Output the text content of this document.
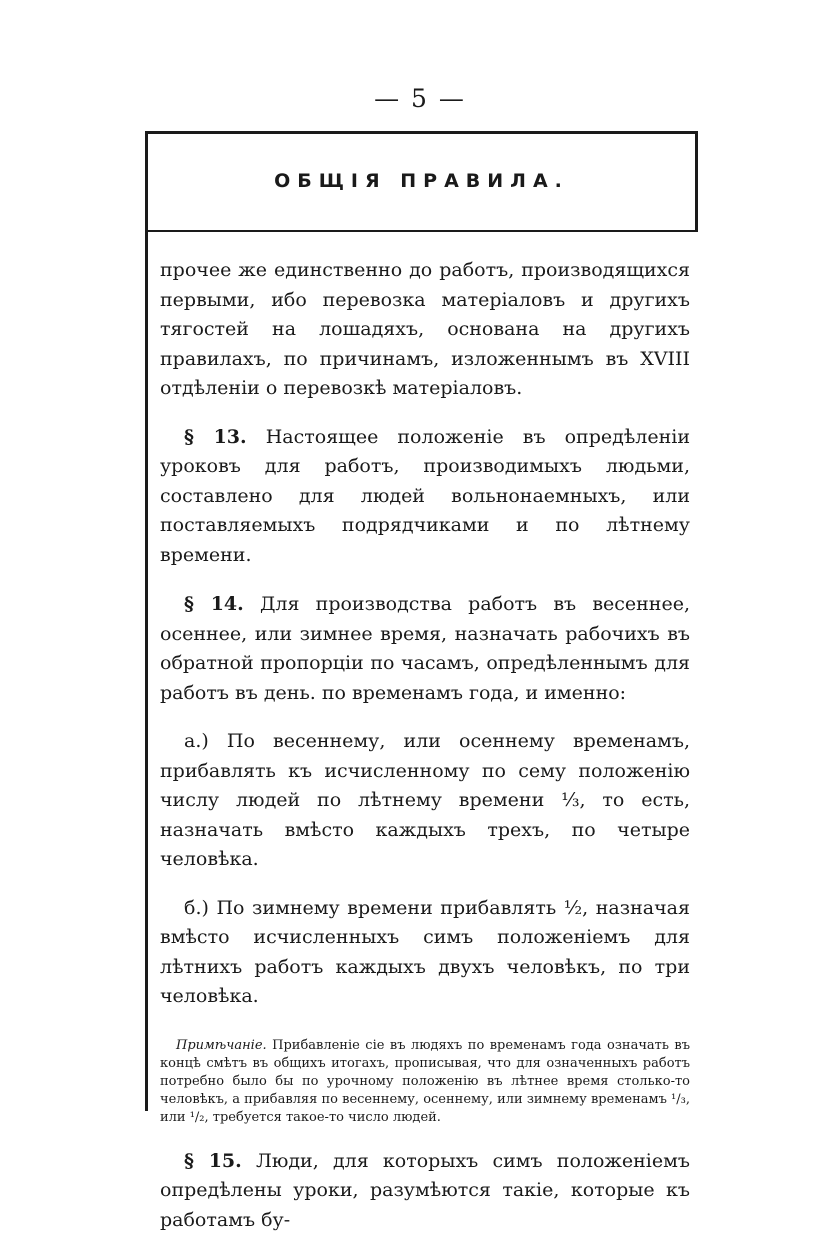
— 5 —
ОБЩІЯ ПРАВИЛА.

прочее же единственно до работъ, производящихся первыми, ибо перевозка матеріаловъ и другихъ тягостей на лошадяхъ, основана на другихъ правилахъ, по причинамъ, изложеннымъ въ XVIII отдѣленіи о перевозкѣ матеріаловъ.

§ 13. Настоящее положеніе въ опредѣленіи уроковъ для работъ, производимыхъ людьми, составлено для людей вольнонаемныхъ, или поставляемыхъ подрядчиками и по лѣтнему времени.

§ 14. Для производства работъ въ весеннее, осеннее, или зимнее время, назначать рабочихъ въ обратной пропорціи по часамъ, опредѣленнымъ для работъ въ день. по временамъ года, и именно:

а.) По весеннему, или осеннему временамъ, прибавлять къ исчисленному по сему положенію числу людей по лѣтнему времени ⅓, то есть, назначать вмѣсто каждыхъ трехъ, по четыре человѣка.

б.) По зимнему времени прибавлять ½, назначая вмѣсто исчисленныхъ симъ положеніемъ для лѣтнихъ работъ каждыхъ двухъ человѣкъ, по три человѣка.

Примѣчаніе. Прибавленіе сіе въ людяхъ по временамъ года означать въ концѣ смѣтъ въ общихъ итогахъ, прописывая, что для означенныхъ работъ потребно было бы по урочному положенію въ лѣтнее время столько-то человѣкъ, а прибавляя по весеннему, осеннему, или зимнему временамъ ¹/₃, или ¹/₂, требуется такое-то число людей.

§ 15. Люди, для которыхъ симъ положеніемъ опредѣлены уроки, разумѣются такіе, которые къ работамъ бу-
